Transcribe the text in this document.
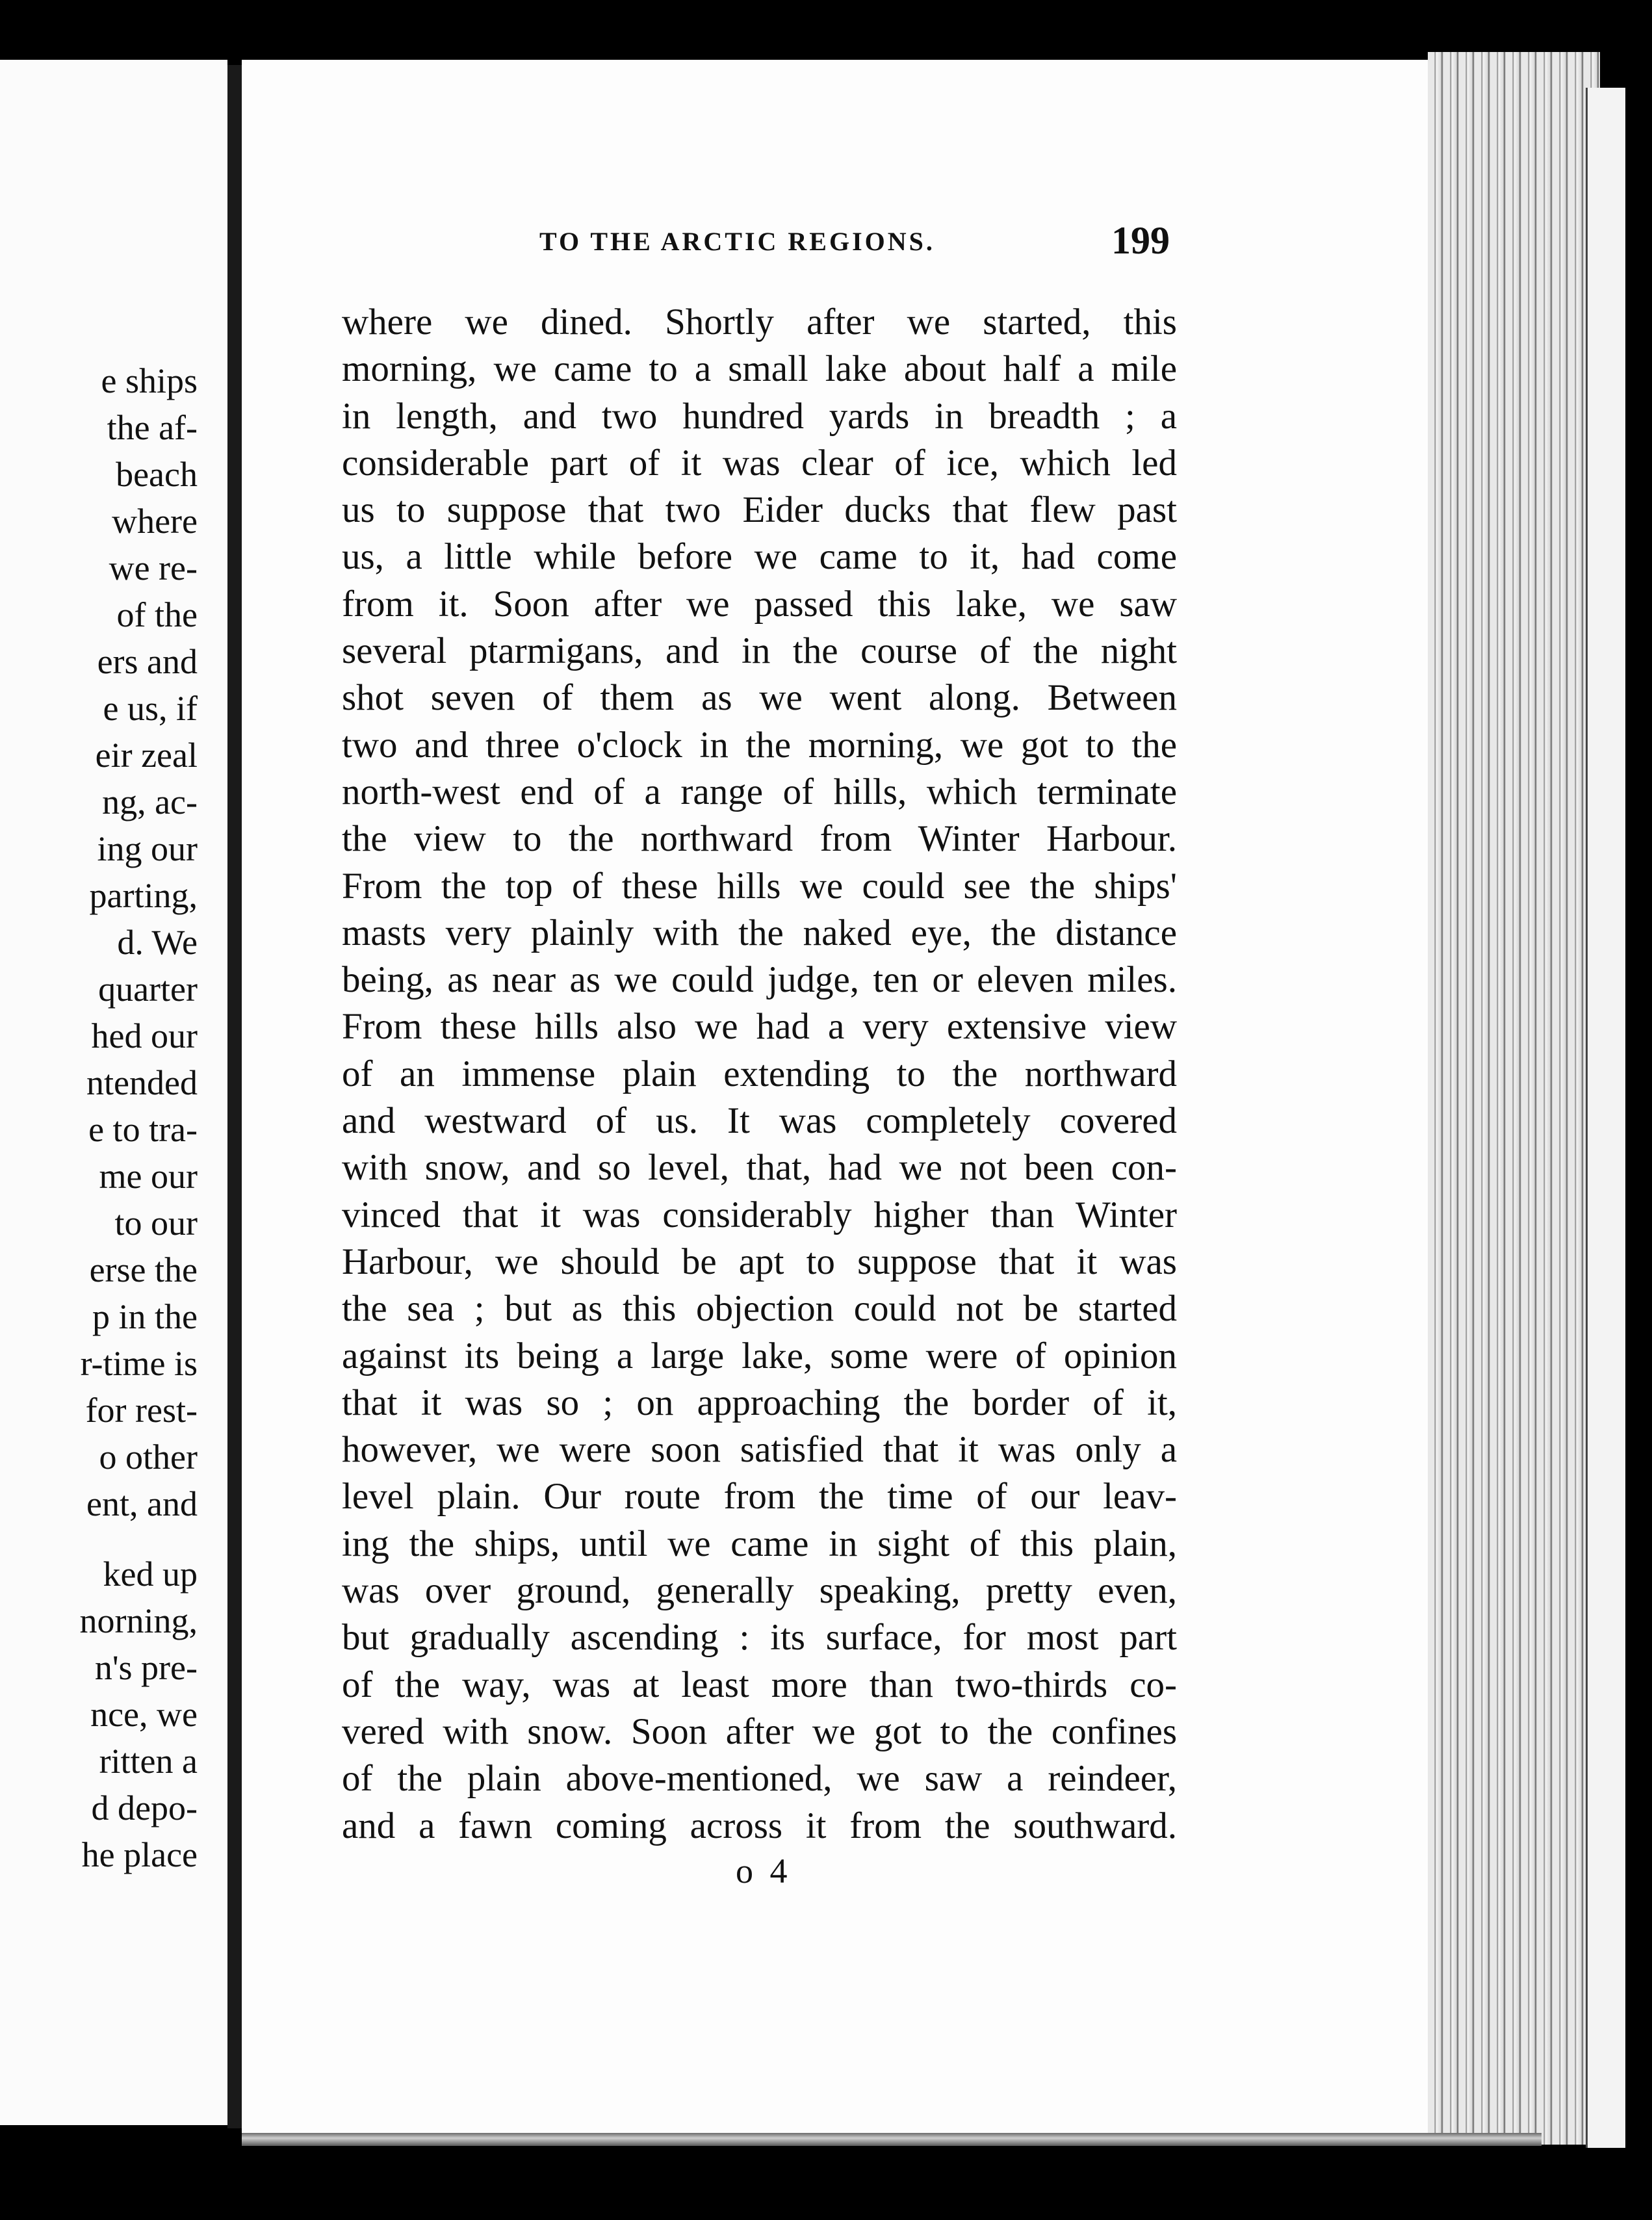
e ships
the af-
beach
where
we re-
of the
ers and
e us, if
eir zeal
ng, ac-
ing our
parting,
d. We
quarter
hed our
ntended
e to tra-
me our
to our
erse the
p in the
r-time is
for rest-
o other
ent, and
ked up
norning,
n's pre-
nce, we
ritten a
d depo-
he place
TO THE ARCTIC REGIONS.	199
where we dined. Shortly after we started, this
morning, we came to a small lake about half a mile
in length, and two hundred yards in breadth ; a
considerable part of it was clear of ice, which led
us to suppose that two Eider ducks that flew past
us, a little while before we came to it, had come
from it. Soon after we passed this lake, we saw
several ptarmigans, and in the course of the night
shot seven of them as we went along. Between
two and three o'clock in the morning, we got to the
north-west end of a range of hills, which terminate
the view to the northward from Winter Harbour.
From the top of these hills we could see the ships'
masts very plainly with the naked eye, the distance
being, as near as we could judge, ten or eleven miles.
From these hills also we had a very extensive view
of an immense plain extending to the northward
and westward of us. It was completely covered
with snow, and so level, that, had we not been con-
vinced that it was considerably higher than Winter
Harbour, we should be apt to suppose that it was
the sea ; but as this objection could not be started
against its being a large lake, some were of opinion
that it was so ; on approaching the border of it,
however, we were soon satisfied that it was only a
level plain. Our route from the time of our leav-
ing the ships, until we came in sight of this plain,
was over ground, generally speaking, pretty even,
but gradually ascending : its surface, for most part
of the way, was at least more than two-thirds co-
vered with snow. Soon after we got to the confines
of the plain above-mentioned, we saw a reindeer,
and a fawn coming across it from the southward.
o 4
